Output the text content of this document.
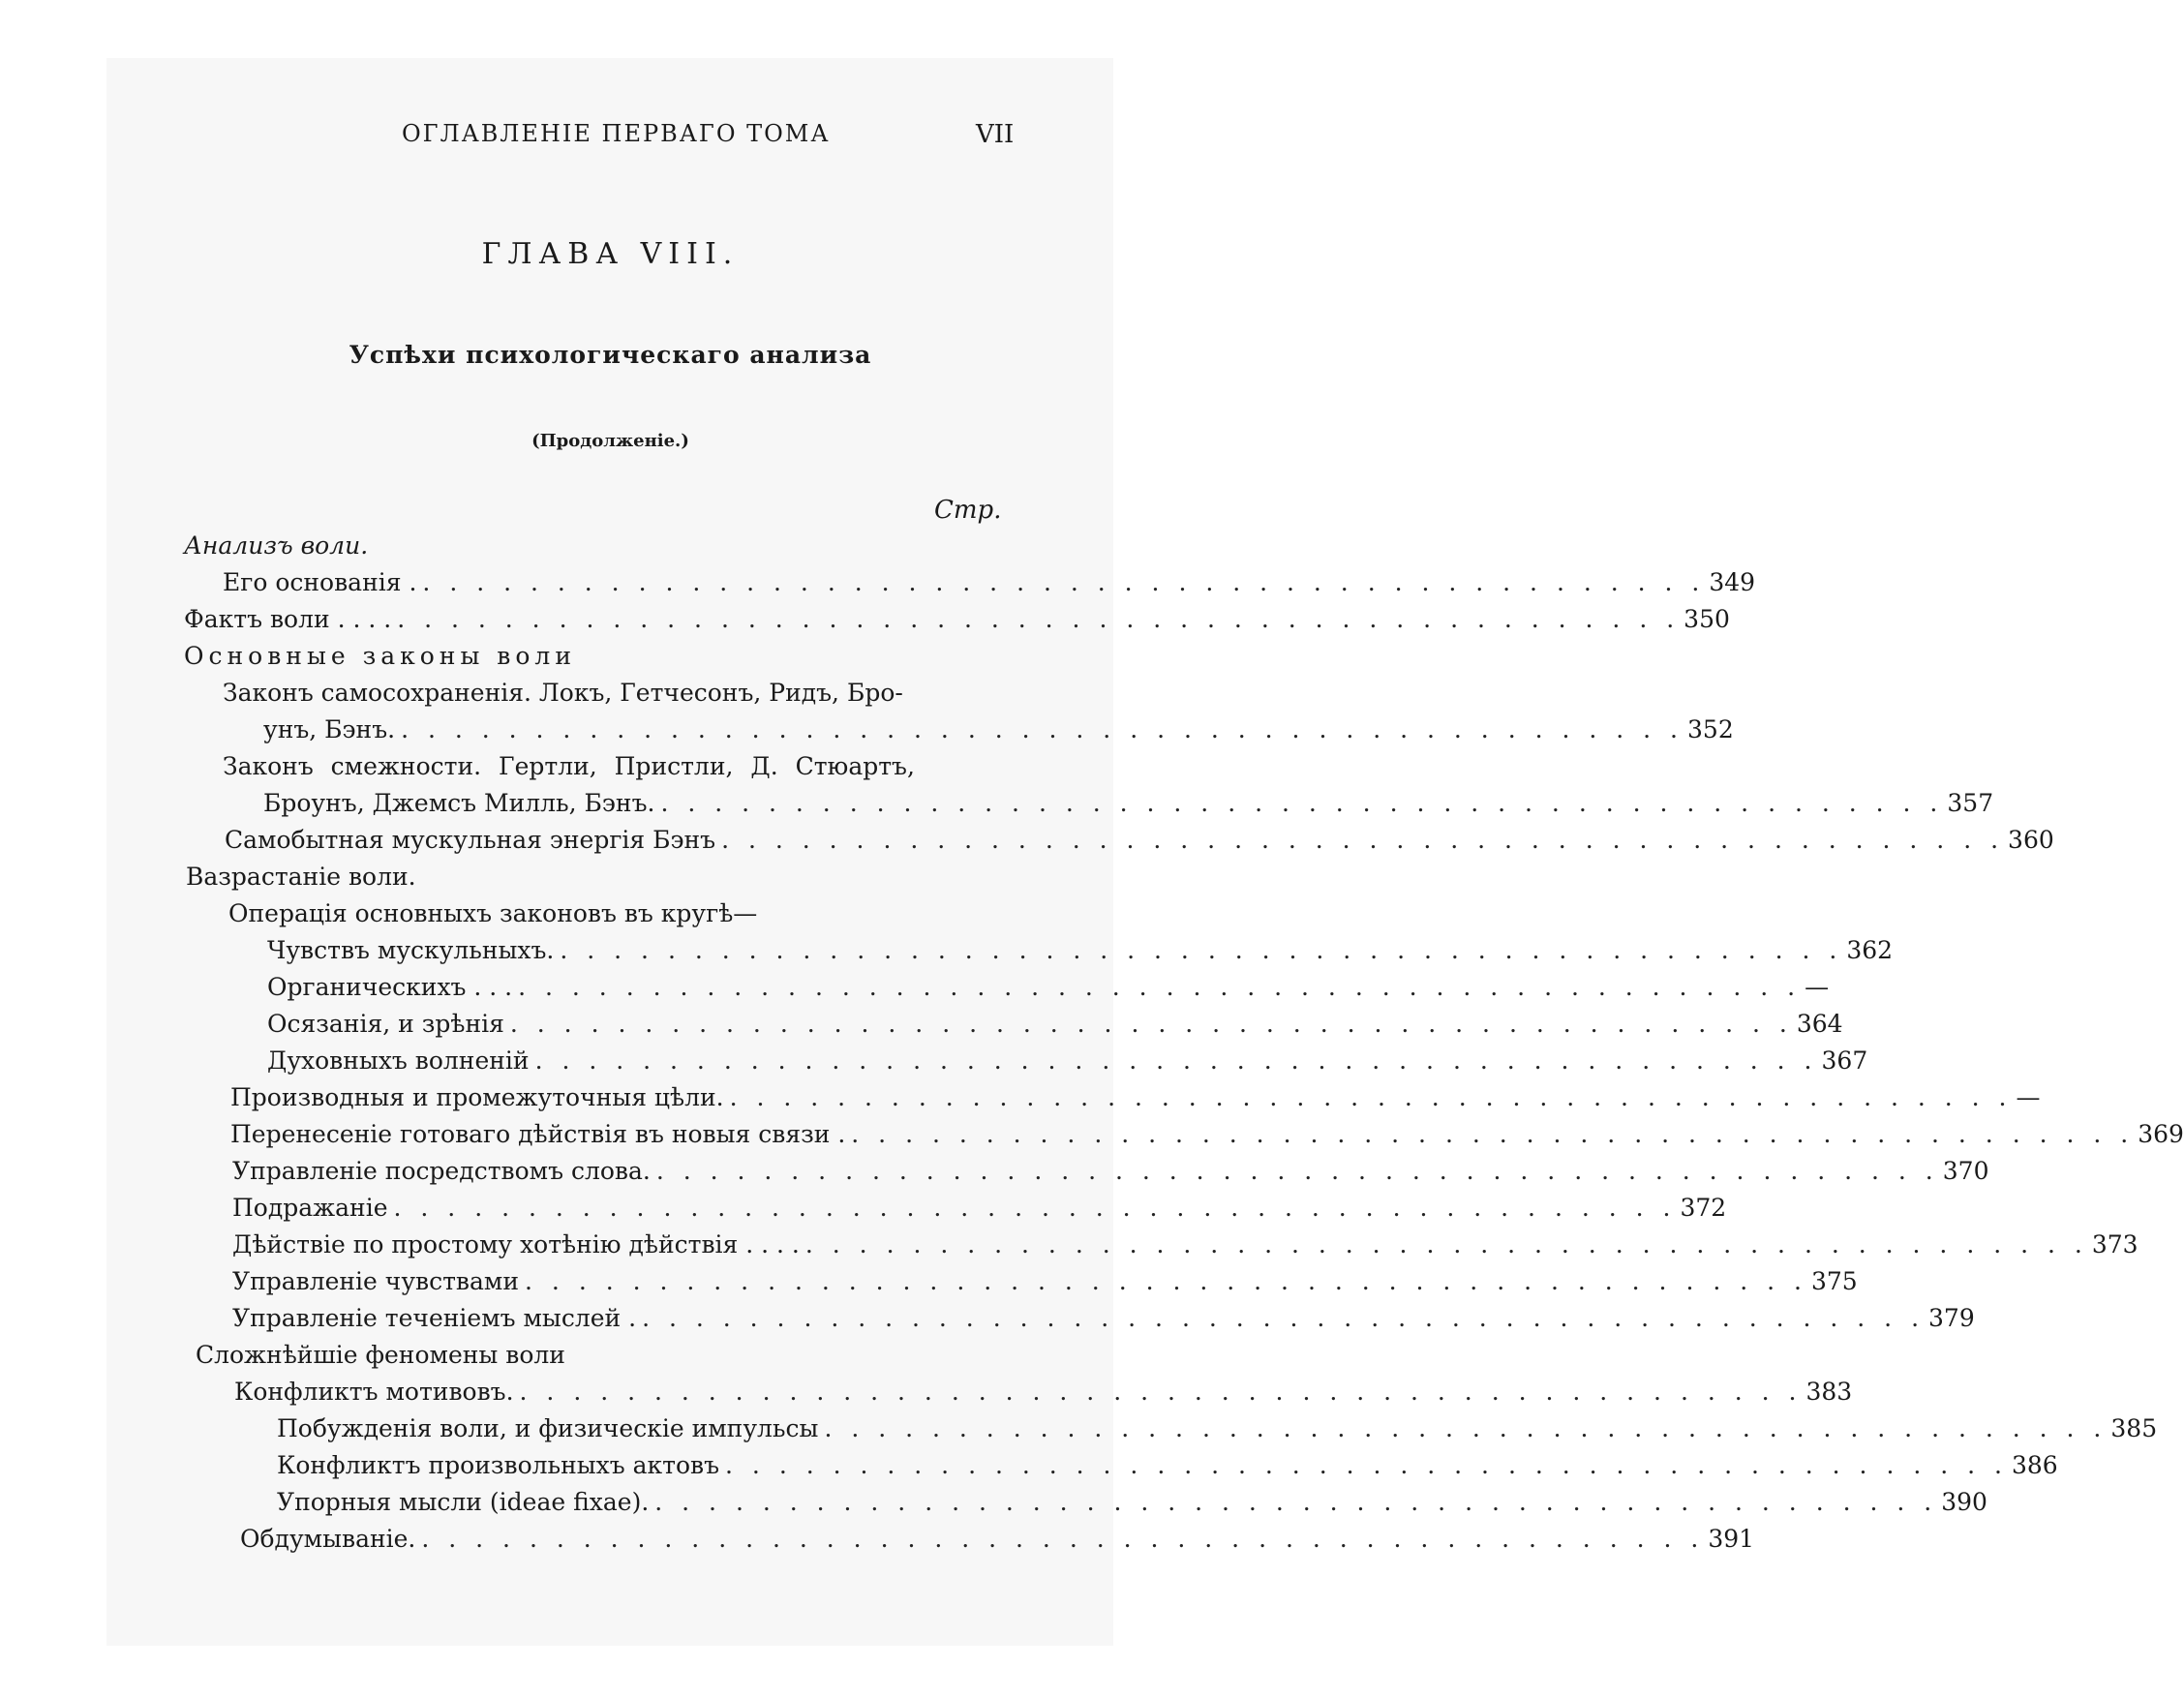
ОГЛАВЛЕНІЕ ПЕРВАГО ТОМА	VII
ГЛАВА VIII.
Успѣхи психологическаго анализа
(Продолженіе.)
Стр.
Анализъ воли.
Его основанія . . . . . . . . . . . . . . . . . . . . . . . . . . . . . . . . . . . . . . . . . . . . . . . . . 349
Фактъ воли . . . . . . . . . . . . . . . . . . . . . . . . . . . . . . . . . . . . . . . . . . . . . . . . . . . . 350
Основные законы воли
Законъ самосохраненія. Локъ, Гетчесонъ, Ридъ, Бро-
унъ, Бэнъ. . . . . . . . . . . . . . . . . . . . . . . . . . . . . . . . . . . . . . . . . . . . . . . . . 352
Законъ смежности. Гертли, Пристли, Д. Стюартъ,
Броунъ, Джемсъ Милль, Бэнъ. . . . . . . . . . . . . . . . . . . . . . . . . . . . . . . . . . . . . . . . . . . . . . . . . 357
Самобытная мускульная энергія Бэнъ . . . . . . . . . . . . . . . . . . . . . . . . . . . . . . . . . . . . . . . . . . . . . . . . 360
Вазрастаніе воли.
Операція основныхъ законовъ въ кругѣ—
Чувствъ мускульныхъ. . . . . . . . . . . . . . . . . . . . . . . . . . . . . . . . . . . . . . . . . . . . . . . . . 362
Органическихъ . . . . . . . . . . . . . . . . . . . . . . . . . . . . . . . . . . . . . . . . . . . . . . . . . . . —
Осязанія, и зрѣнія . . . . . . . . . . . . . . . . . . . . . . . . . . . . . . . . . . . . . . . . . . . . . . . . 364
Духовныхъ волненій . . . . . . . . . . . . . . . . . . . . . . . . . . . . . . . . . . . . . . . . . . . . . . . . 367
Производныя и промежуточныя цѣли. . . . . . . . . . . . . . . . . . . . . . . . . . . . . . . . . . . . . . . . . . . . . . . . . —
Перенесеніе готоваго дѣйствія въ новыя связи . . . . . . . . . . . . . . . . . . . . . . . . . . . . . . . . . . . . . . . . . . . . . . . . . 369
Управленіе посредствомъ слова. . . . . . . . . . . . . . . . . . . . . . . . . . . . . . . . . . . . . . . . . . . . . . . . . 370
Подражаніе . . . . . . . . . . . . . . . . . . . . . . . . . . . . . . . . . . . . . . . . . . . . . . . . 372
Дѣйствіе по простому хотѣнію дѣйствія . . . . . . . . . . . . . . . . . . . . . . . . . . . . . . . . . . . . . . . . . . . . . . . . . . . . 373
Управленіе чувствами . . . . . . . . . . . . . . . . . . . . . . . . . . . . . . . . . . . . . . . . . . . . . . . . 375
Управленіе теченіемъ мыслей . . . . . . . . . . . . . . . . . . . . . . . . . . . . . . . . . . . . . . . . . . . . . . . . . 379
Сложнѣйшіе феномены воли
Конфликтъ мотивовъ. . . . . . . . . . . . . . . . . . . . . . . . . . . . . . . . . . . . . . . . . . . . . . . . . 383
Побужденія воли, и физическіе импульсы . . . . . . . . . . . . . . . . . . . . . . . . . . . . . . . . . . . . . . . . . . . . . . . . 385
Конфликтъ произвольныхъ актовъ . . . . . . . . . . . . . . . . . . . . . . . . . . . . . . . . . . . . . . . . . . . . . . . . 386
Упорныя мысли (ideae fixae). . . . . . . . . . . . . . . . . . . . . . . . . . . . . . . . . . . . . . . . . . . . . . . . . 390
Обдумываніе. . . . . . . . . . . . . . . . . . . . . . . . . . . . . . . . . . . . . . . . . . . . . . . . . 391
